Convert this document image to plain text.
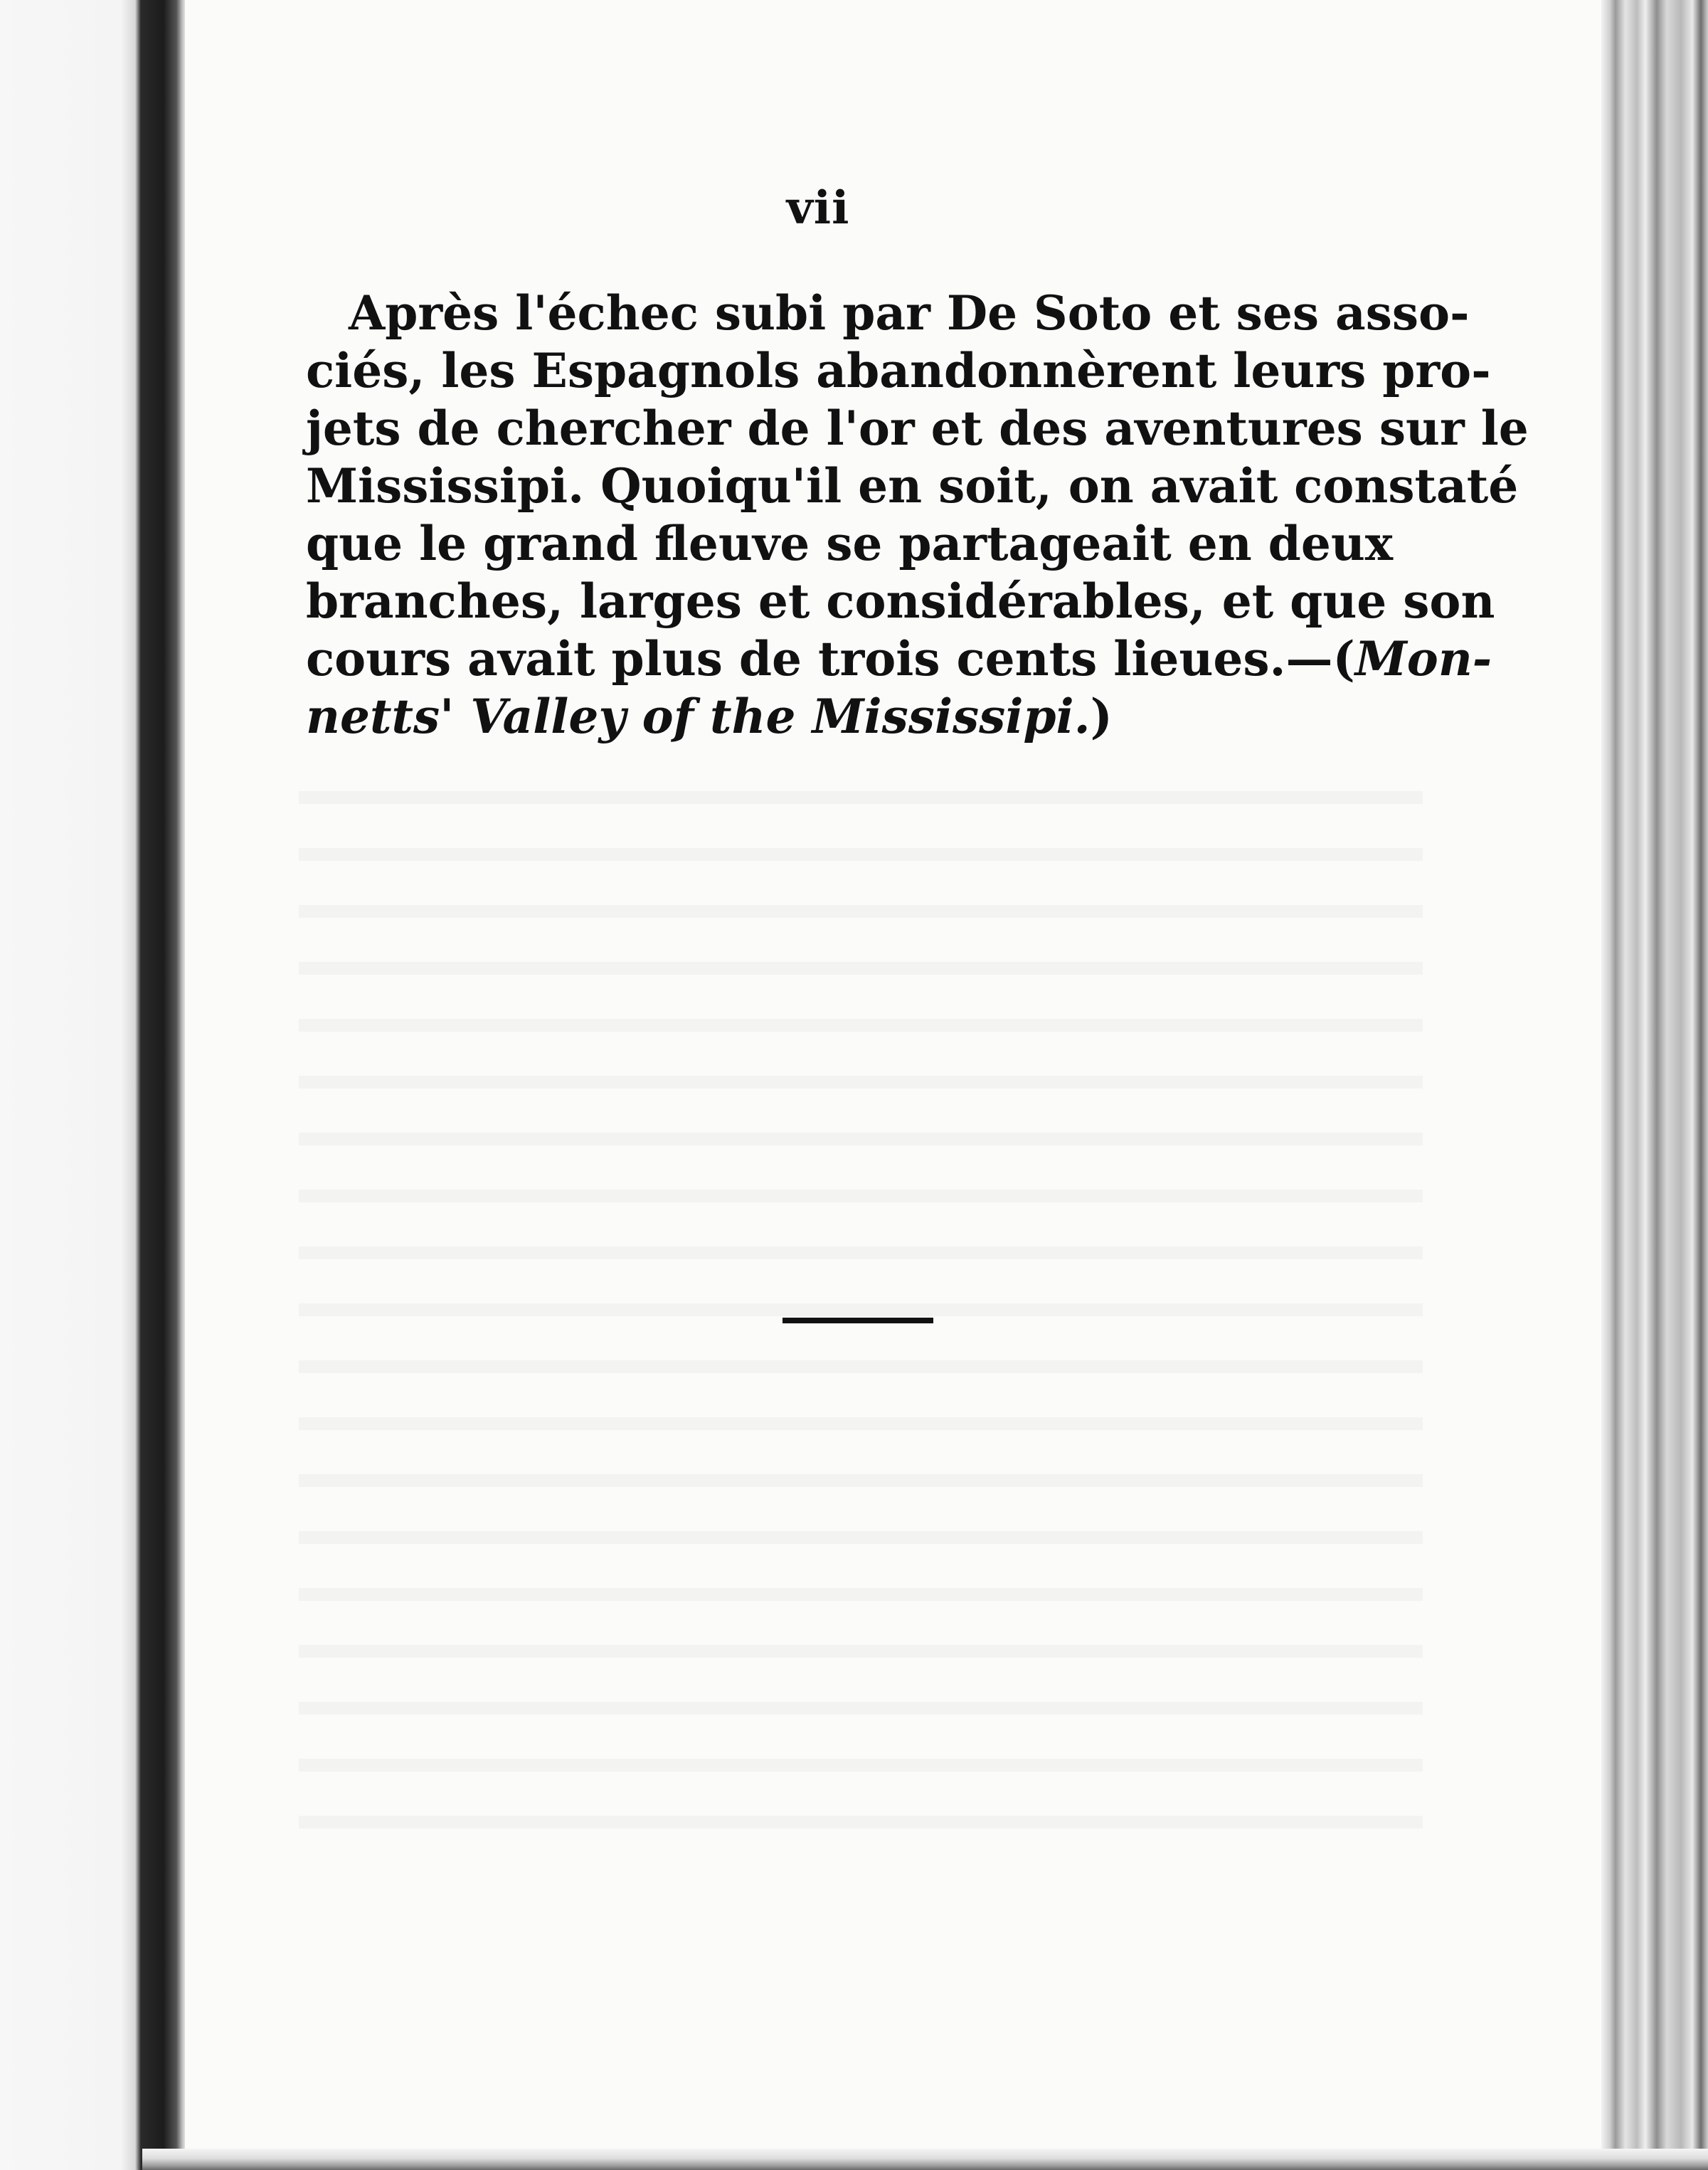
vii
Après l'échec subi par De Soto et ses asso-
ciés, les Espagnols abandonnèrent leurs pro-
jets de chercher de l'or et des aventures sur le
Mississipi. Quoiqu'il en soit, on avait constaté
que le grand fleuve se partageait en deux
branches, larges et considérables, et que son
cours avait plus de trois cents lieues.—(Mon-
netts' Valley of the Mississipi.)
